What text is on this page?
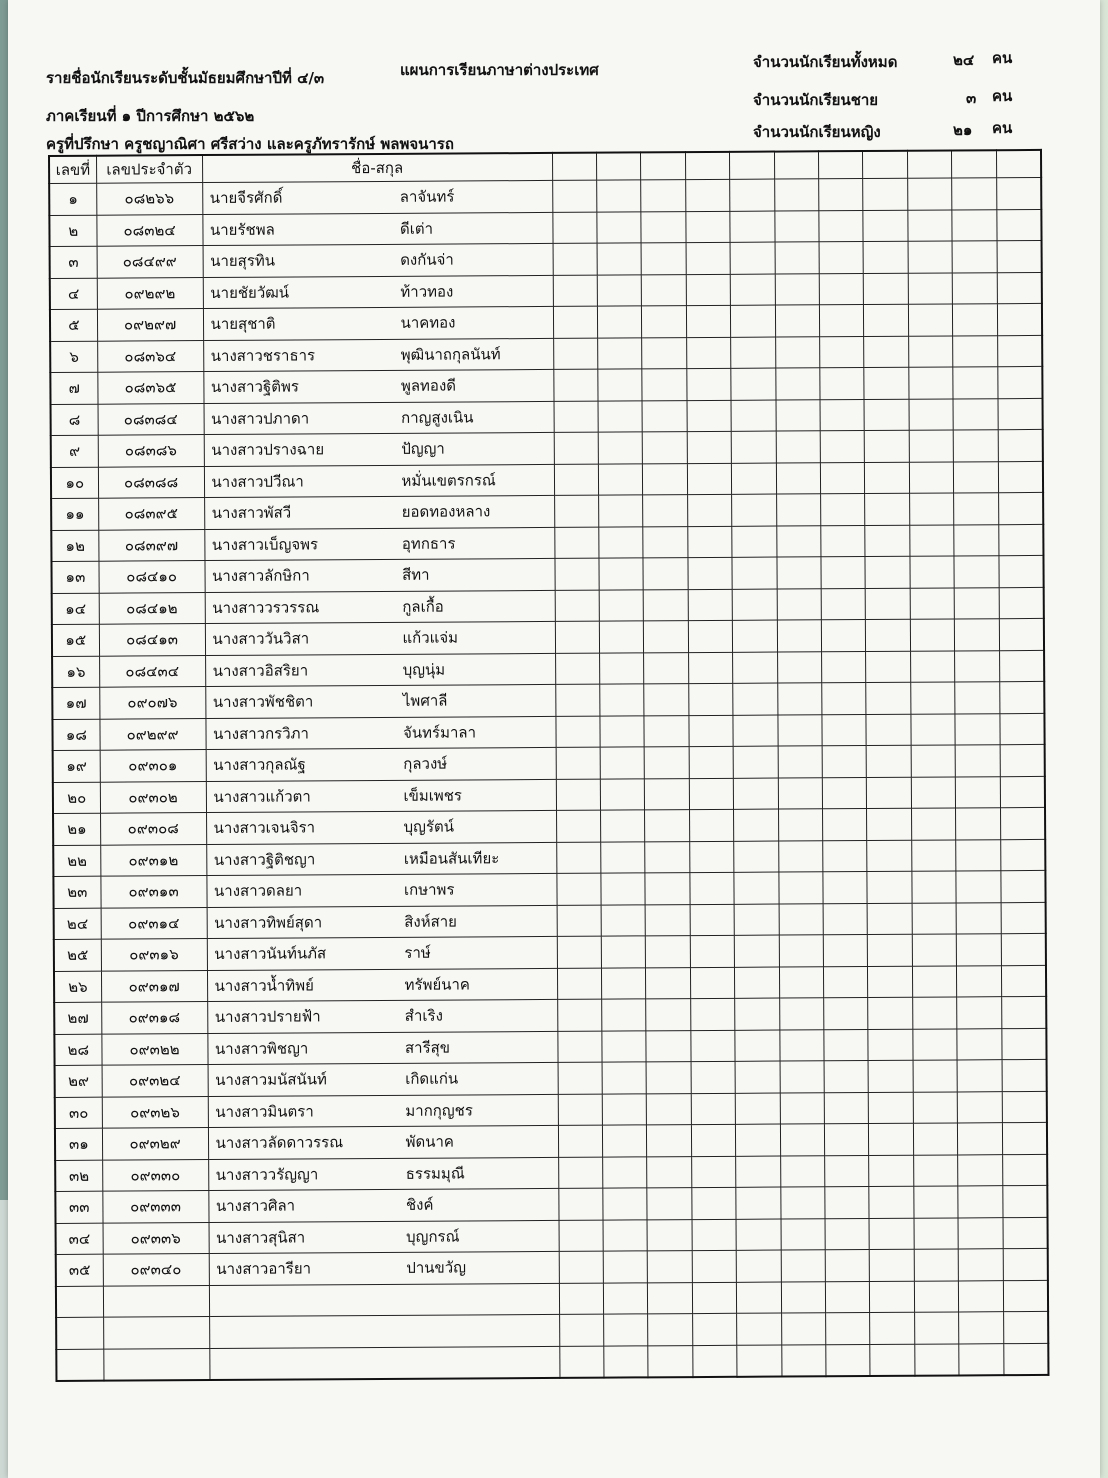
รายชื่อนักเรียนระดับชั้นมัธยมศึกษาปีที่ ๔/๓	แผนการเรียนภาษาต่างประเทศ
ภาคเรียนที่ ๑ ปีการศึกษา ๒๕๖๒
ครูที่ปรึกษา ครูชญาณิศา ศรีสว่าง และครูภัทรารักษ์ พลพจนารถ
จำนวนนักเรียนทั้งหมด	๒๔ คน
จำนวนนักเรียนชาย	๓ คน
จำนวนนักเรียนหญิง	๒๑ คน
เลขที่	เลขประจำตัว	ชื่อ-สกุล											
๑	๐๘๒๖๖	นายจีรศักดิ์ ลาจันทร์											

๒	๐๘๓๒๔	นายรัชพล ดีเต่า											

๓	๐๘๔๙๙	นายสุรทิน ดงกันจ่า											

๔	๐๙๒๙๒	นายชัยวัฒน์ ท้าวทอง											

๕	๐๙๒๙๗	นายสุชาติ นาคทอง											

๖	๐๘๓๖๔	นางสาวชราธาร พุฒินาถกุลนันท์											

๗	๐๘๓๖๕	นางสาวฐิติพร พูลทองดี											

๘	๐๘๓๘๔	นางสาวปภาดา กาญสูงเนิน											

๙	๐๘๓๘๖	นางสาวปรางฉาย ปัญญา											

๑๐	๐๘๓๘๘	นางสาวปวีณา หมั่นเขตรกรณ์											

๑๑	๐๘๓๙๕	นางสาวพัสวี ยอดทองหลาง											

๑๒	๐๘๓๙๗	นางสาวเบ็ญจพร อุทกธาร											

๑๓	๐๘๔๑๐	นางสาวลักษิกา สีทา											

๑๔	๐๘๔๑๒	นางสาววรวรรณ กูลเกื้อ											

๑๕	๐๘๔๑๓	นางสาววันวิสา แก้วแจ่ม											

๑๖	๐๘๔๓๔	นางสาวอิสริยา บุญนุ่ม											

๑๗	๐๙๐๗๖	นางสาวพัชชิตา ไพศาลี											

๑๘	๐๙๒๙๙	นางสาวกรวิภา จันทร์มาลา											

๑๙	๐๙๓๐๑	นางสาวกุลณัฐ กุลวงษ์											

๒๐	๐๙๓๐๒	นางสาวแก้วตา เข็มเพชร											

๒๑	๐๙๓๐๘	นางสาวเจนจิรา บุญรัตน์											

๒๒	๐๙๓๑๒	นางสาวฐิติชญา เหมือนสันเทียะ											

๒๓	๐๙๓๑๓	นางสาวดลยา เกษาพร											

๒๔	๐๙๓๑๔	นางสาวทิพย์สุดา สิงห์สาย											

๒๕	๐๙๓๑๖	นางสาวนันท์นภัส ราษ์											

๒๖	๐๙๓๑๗	นางสาวน้ำทิพย์ ทรัพย์นาค											

๒๗	๐๙๓๑๘	นางสาวปรายฟ้า สำเริง											

๒๘	๐๙๓๒๒	นางสาวพิชญา สารีสุข											

๒๙	๐๙๓๒๔	นางสาวมนัสนันท์ เกิดแก่น											

๓๐	๐๙๓๒๖	นางสาวมินตรา มากกุญชร											

๓๑	๐๙๓๒๙	นางสาวลัดดาวรรณ พัดนาค											

๓๒	๐๙๓๓๐	นางสาววรัญญา ธรรมมุณี											

๓๓	๐๙๓๓๓	นางสาวศิลา ชิงค์											

๓๔	๐๙๓๓๖	นางสาวสุนิสา บุญกรณ์											

๓๕	๐๙๓๔๐	นางสาวอารียา ปานขวัญ											
